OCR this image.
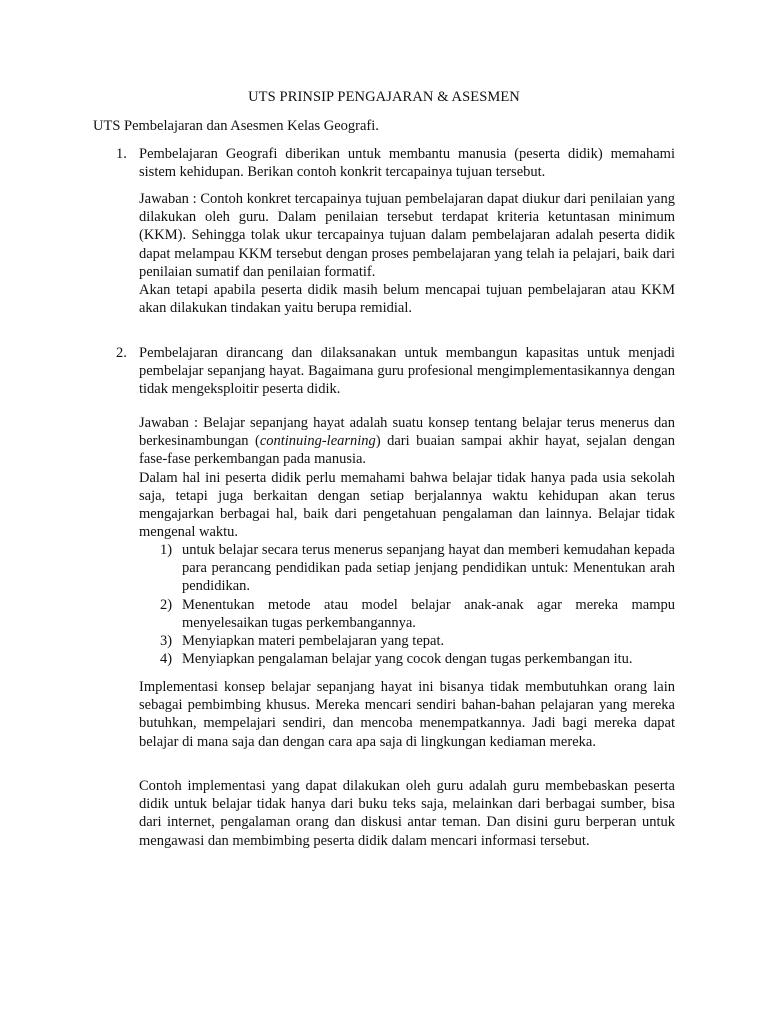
UTS PRINSIP PENGAJARAN & ASESMEN
UTS Pembelajaran dan Asesmen Kelas Geografi.
1. Pembelajaran Geografi diberikan untuk membantu manusia (peserta didik) memahami sistem kehidupan. Berikan contoh konkrit tercapainya tujuan tersebut.

Jawaban : Contoh konkret tercapainya tujuan pembelajaran dapat diukur dari penilaian yang dilakukan oleh guru. Dalam penilaian tersebut terdapat kriteria ketuntasan minimum (KKM). Sehingga tolak ukur tercapainya tujuan dalam pembelajaran adalah peserta didik dapat melampau KKM tersebut dengan proses pembelajaran yang telah ia pelajari, baik dari penilaian sumatif dan penilaian formatif.

Akan tetapi apabila peserta didik masih belum mencapai tujuan pembelajaran atau KKM akan dilakukan tindakan yaitu berupa remidial.

2. Pembelajaran dirancang dan dilaksanakan untuk membangun kapasitas untuk menjadi pembelajar sepanjang hayat. Bagaimana guru profesional mengimplementasikannya dengan tidak mengeksploitir peserta didik.

Jawaban : Belajar sepanjang hayat adalah suatu konsep tentang belajar terus menerus dan berkesinambungan (continuing-learning) dari buaian sampai akhir hayat, sejalan dengan fase-fase perkembangan pada manusia.

Dalam hal ini peserta didik perlu memahami bahwa belajar tidak hanya pada usia sekolah saja, tetapi juga berkaitan dengan setiap berjalannya waktu kehidupan akan terus mengajarkan berbagai hal, baik dari pengetahuan pengalaman dan lainnya. Belajar tidak mengenal waktu.

1) untuk belajar secara terus menerus sepanjang hayat dan memberi kemudahan kepada para perancang pendidikan pada setiap jenjang pendidikan untuk: Menentukan arah pendidikan.
2) Menentukan metode atau model belajar anak-anak agar mereka mampu menyelesaikan tugas perkembangannya.
3) Menyiapkan materi pembelajaran yang tepat.
4) Menyiapkan pengalaman belajar yang cocok dengan tugas perkembangan itu.
Implementasi konsep belajar sepanjang hayat ini bisanya tidak membutuhkan orang lain sebagai pembimbing khusus. Mereka mencari sendiri bahan-bahan pelajaran yang mereka butuhkan, mempelajari sendiri, dan mencoba menempatkannya. Jadi bagi mereka dapat belajar di mana saja dan dengan cara apa saja di lingkungan kediaman mereka.
Contoh implementasi yang dapat dilakukan oleh guru adalah guru membebaskan peserta didik untuk belajar tidak hanya dari buku teks saja, melainkan dari berbagai sumber, bisa dari internet, pengalaman orang dan diskusi antar teman. Dan disini guru berperan untuk mengawasi dan membimbing peserta didik dalam mencari informasi tersebut.
